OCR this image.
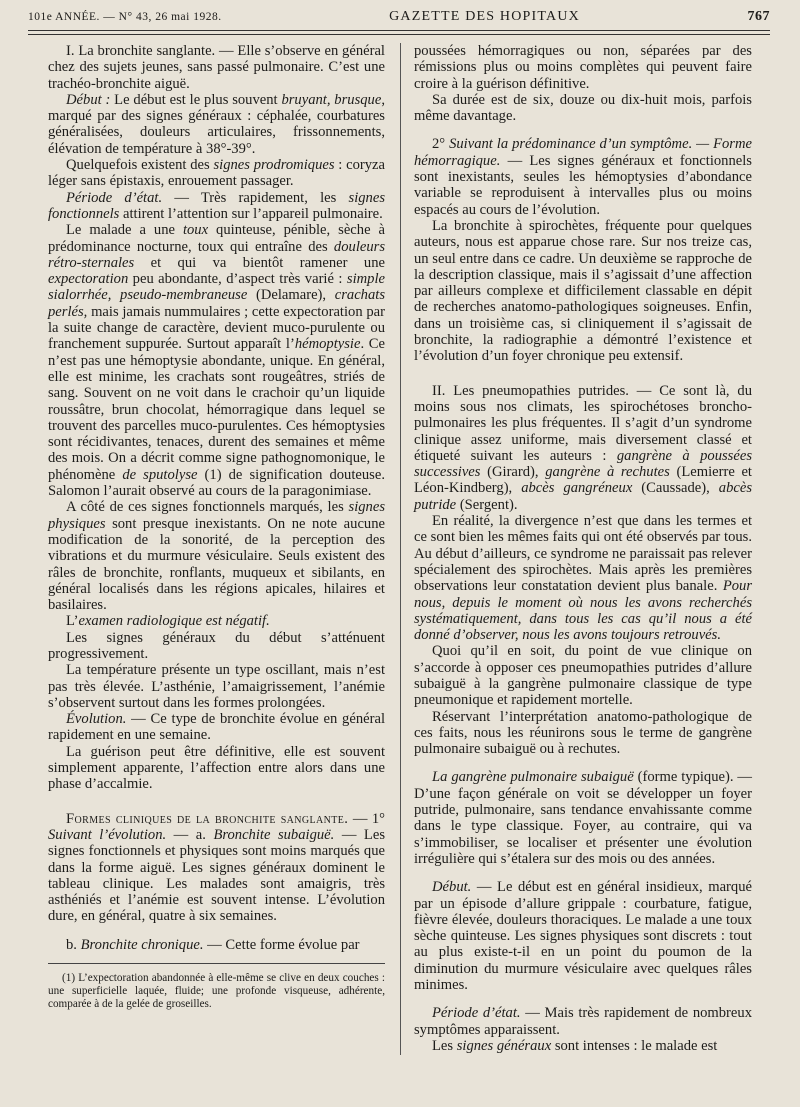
101e ANNÉE. — N° 43, 26 mai 1928.	GAZETTE DES HOPITAUX	767

I. La bronchite sanglante. — Elle s’observe en général chez des sujets jeunes, sans passé pulmonaire. C’est une trachéo-bronchite aiguë.

Début : Le début est le plus souvent bruyant, brusque, marqué par des signes généraux : céphalée, courbatures généralisées, douleurs articulaires, frissonnements, élévation de température à 38°-39°.

Quelquefois existent des signes prodromiques : coryza léger sans épistaxis, enrouement passager.

Période d’état. — Très rapidement, les signes fonctionnels attirent l’attention sur l’appareil pulmonaire.

Le malade a une toux quinteuse, pénible, sèche à prédominance nocturne, toux qui entraîne des douleurs rétro-sternales et qui va bientôt ramener une expectoration peu abondante, d’aspect très varié : simple sialorrhée, pseudo-membraneuse (Delamare), crachats perlés, mais jamais nummulaires ; cette expectoration par la suite change de caractère, devient muco-purulente ou franchement suppurée. Surtout apparaît l’hémoptysie. Ce n’est pas une hémoptysie abondante, unique. En général, elle est minime, les crachats sont rougeâtres, striés de sang. Souvent on ne voit dans le crachoir qu’un liquide roussâtre, brun chocolat, hémorragique dans lequel se trouvent des parcelles muco-purulentes. Ces hémoptysies sont récidivantes, tenaces, durent des semaines et même des mois. On a décrit comme signe pathognomonique, le phénomène de sputolyse (1) de signification douteuse. Salomon l’aurait observé au cours de la paragonimiase.

A côté de ces signes fonctionnels marqués, les signes physiques sont presque inexistants. On ne note aucune modification de la sonorité, de la perception des vibrations et du murmure vésiculaire. Seuls existent des râles de bronchite, ronflants, muqueux et sibilants, en général localisés dans les régions apicales, hilaires et basilaires.

L’examen radiologique est négatif.

Les signes généraux du début s’atténuent progressivement.

La température présente un type oscillant, mais n’est pas très élevée. L’asthénie, l’amaigrissement, l’anémie s’observent surtout dans les formes prolongées.

Évolution. — Ce type de bronchite évolue en général rapidement en une semaine.

La guérison peut être définitive, elle est souvent simplement apparente, l’affection entre alors dans une phase d’accalmie.

Formes cliniques de la bronchite sanglante. — 1° Suivant l’évolution. — a. Bronchite subaiguë. — Les signes fonctionnels et physiques sont moins marqués que dans la forme aiguë. Les signes généraux dominent le tableau clinique. Les malades sont amaigris, très asthéniés et l’anémie est souvent intense. L’évolution dure, en général, quatre à six semaines.

b. Bronchite chronique. — Cette forme évolue par

(1) L’expectoration abandonnée à elle-même se clive en deux couches : une superficielle laquée, fluide; une profonde visqueuse, adhérente, comparée à de la gelée de groseilles.

poussées hémorragiques ou non, séparées par des rémissions plus ou moins complètes qui peuvent faire croire à la guérison définitive.

Sa durée est de six, douze ou dix-huit mois, parfois même davantage.

2° Suivant la prédominance d’un symptôme. — Forme hémorragique. — Les signes généraux et fonctionnels sont inexistants, seules les hémoptysies d’abondance variable se reproduisent à intervalles plus ou moins espacés au cours de l’évolution.

La bronchite à spirochètes, fréquente pour quelques auteurs, nous est apparue chose rare. Sur nos treize cas, un seul entre dans ce cadre. Un deuxième se rapproche de la description classique, mais il s’agissait d’une affection par ailleurs complexe et difficilement classable en dépit de recherches anatomo-pathologiques soigneuses. Enfin, dans un troisième cas, si cliniquement il s’agissait de bronchite, la radiographie a démontré l’existence et l’évolution d’un foyer chronique peu extensif.

II. Les pneumopathies putrides. — Ce sont là, du moins sous nos climats, les spirochétoses broncho-pulmonaires les plus fréquentes. Il s’agit d’un syndrome clinique assez uniforme, mais diversement classé et étiqueté suivant les auteurs : gangrène à poussées successives (Girard), gangrène à rechutes (Lemierre et Léon-Kindberg), abcès gangréneux (Caussade), abcès putride (Sergent).

En réalité, la divergence n’est que dans les termes et ce sont bien les mêmes faits qui ont été observés par tous. Au début d’ailleurs, ce syndrome ne paraissait pas relever spécialement des spirochètes. Mais après les premières observations leur constatation devient plus banale. Pour nous, depuis le moment où nous les avons recherchés systématiquement, dans tous les cas qu’il nous a été donné d’observer, nous les avons toujours retrouvés.

Quoi qu’il en soit, du point de vue clinique on s’accorde à opposer ces pneumopathies putrides d’allure subaiguë à la gangrène pulmonaire classique de type pneumonique et rapidement mortelle.

Réservant l’interprétation anatomo-pathologique de ces faits, nous les réunirons sous le terme de gangrène pulmonaire subaiguë ou à rechutes.

La gangrène pulmonaire subaiguë (forme typique). — D’une façon générale on voit se développer un foyer putride, pulmonaire, sans tendance envahissante comme dans le type classique. Foyer, au contraire, qui va s’immobiliser, se localiser et présenter une évolution irrégulière qui s’étalera sur des mois ou des années.

Début. — Le début est en général insidieux, marqué par un épisode d’allure grippale : courbature, fatigue, fièvre élevée, douleurs thoraciques. Le malade a une toux sèche quinteuse. Les signes physiques sont discrets : tout au plus existe-t-il en un point du poumon de la diminution du murmure vésiculaire avec quelques râles minimes.

Période d’état. — Mais très rapidement de nombreux symptômes apparaissent.

Les signes généraux sont intenses : le malade est
